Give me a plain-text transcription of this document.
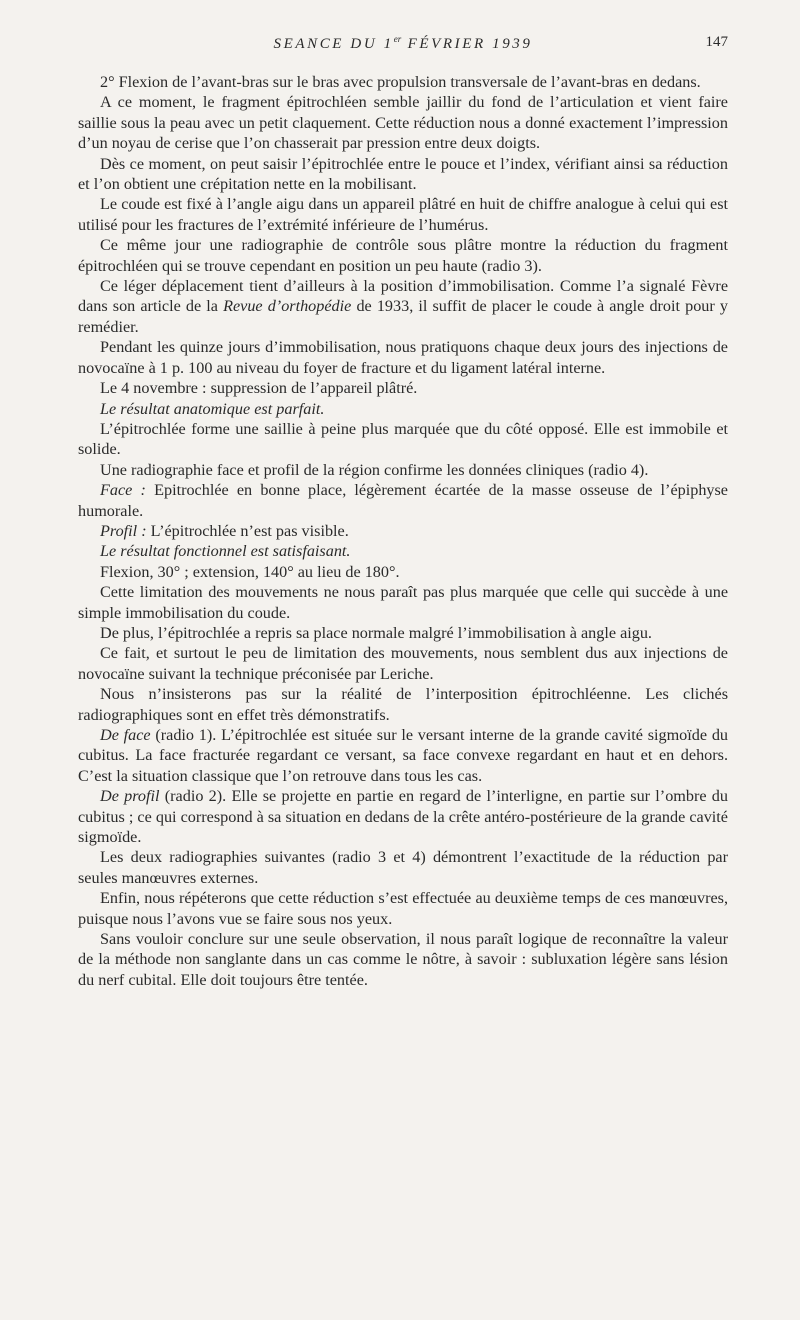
SEANCE DU 1er FÉVRIER 1939	147

2° Flexion de l’avant-bras sur le bras avec propulsion transversale de l’avant-bras en dedans.

A ce moment, le fragment épitrochléen semble jaillir du fond de l’articulation et vient faire saillie sous la peau avec un petit claquement. Cette réduction nous a donné exactement l’impression d’un noyau de cerise que l’on chasserait par pression entre deux doigts.

Dès ce moment, on peut saisir l’épitrochlée entre le pouce et l’index, vérifiant ainsi sa réduction et l’on obtient une crépitation nette en la mobilisant.

Le coude est fixé à l’angle aigu dans un appareil plâtré en huit de chiffre analogue à celui qui est utilisé pour les fractures de l’extrémité inférieure de l’humérus.

Ce même jour une radiographie de contrôle sous plâtre montre la réduction du fragment épitrochléen qui se trouve cependant en position un peu haute (radio 3).

Ce léger déplacement tient d’ailleurs à la position d’immobilisation. Comme l’a signalé Fèvre dans son article de la Revue d’orthopédie de 1933, il suffit de placer le coude à angle droit pour y remédier.

Pendant les quinze jours d’immobilisation, nous pratiquons chaque deux jours des injections de novocaïne à 1 p. 100 au niveau du foyer de fracture et du ligament latéral interne.

Le 4 novembre : suppression de l’appareil plâtré.

Le résultat anatomique est parfait.

L’épitrochlée forme une saillie à peine plus marquée que du côté opposé. Elle est immobile et solide.

Une radiographie face et profil de la région confirme les données cliniques (radio 4).

Face : Epitrochlée en bonne place, légèrement écartée de la masse osseuse de l’épiphyse humorale.

Profil : L’épitrochlée n’est pas visible.

Le résultat fonctionnel est satisfaisant.

Flexion, 30° ; extension, 140° au lieu de 180°.

Cette limitation des mouvements ne nous paraît pas plus marquée que celle qui succède à une simple immobilisation du coude.

De plus, l’épitrochlée a repris sa place normale malgré l’immobilisation à angle aigu.

Ce fait, et surtout le peu de limitation des mouvements, nous semblent dus aux injections de novocaïne suivant la technique préconisée par Leriche.

Nous n’insisterons pas sur la réalité de l’interposition épitrochléenne. Les clichés radiographiques sont en effet très démonstratifs.

De face (radio 1). L’épitrochlée est située sur le versant interne de la grande cavité sigmoïde du cubitus. La face fracturée regardant ce versant, sa face convexe regardant en haut et en dehors. C’est la situation classique que l’on retrouve dans tous les cas.

De profil (radio 2). Elle se projette en partie en regard de l’interligne, en partie sur l’ombre du cubitus ; ce qui correspond à sa situation en dedans de la crête antéro-postérieure de la grande cavité sigmoïde.

Les deux radiographies suivantes (radio 3 et 4) démontrent l’exactitude de la réduction par seules manœuvres externes.

Enfin, nous répéterons que cette réduction s’est effectuée au deuxième temps de ces manœuvres, puisque nous l’avons vue se faire sous nos yeux.

Sans vouloir conclure sur une seule observation, il nous paraît logique de reconnaître la valeur de la méthode non sanglante dans un cas comme le nôtre, à savoir : subluxation légère sans lésion du nerf cubital. Elle doit toujours être tentée.
